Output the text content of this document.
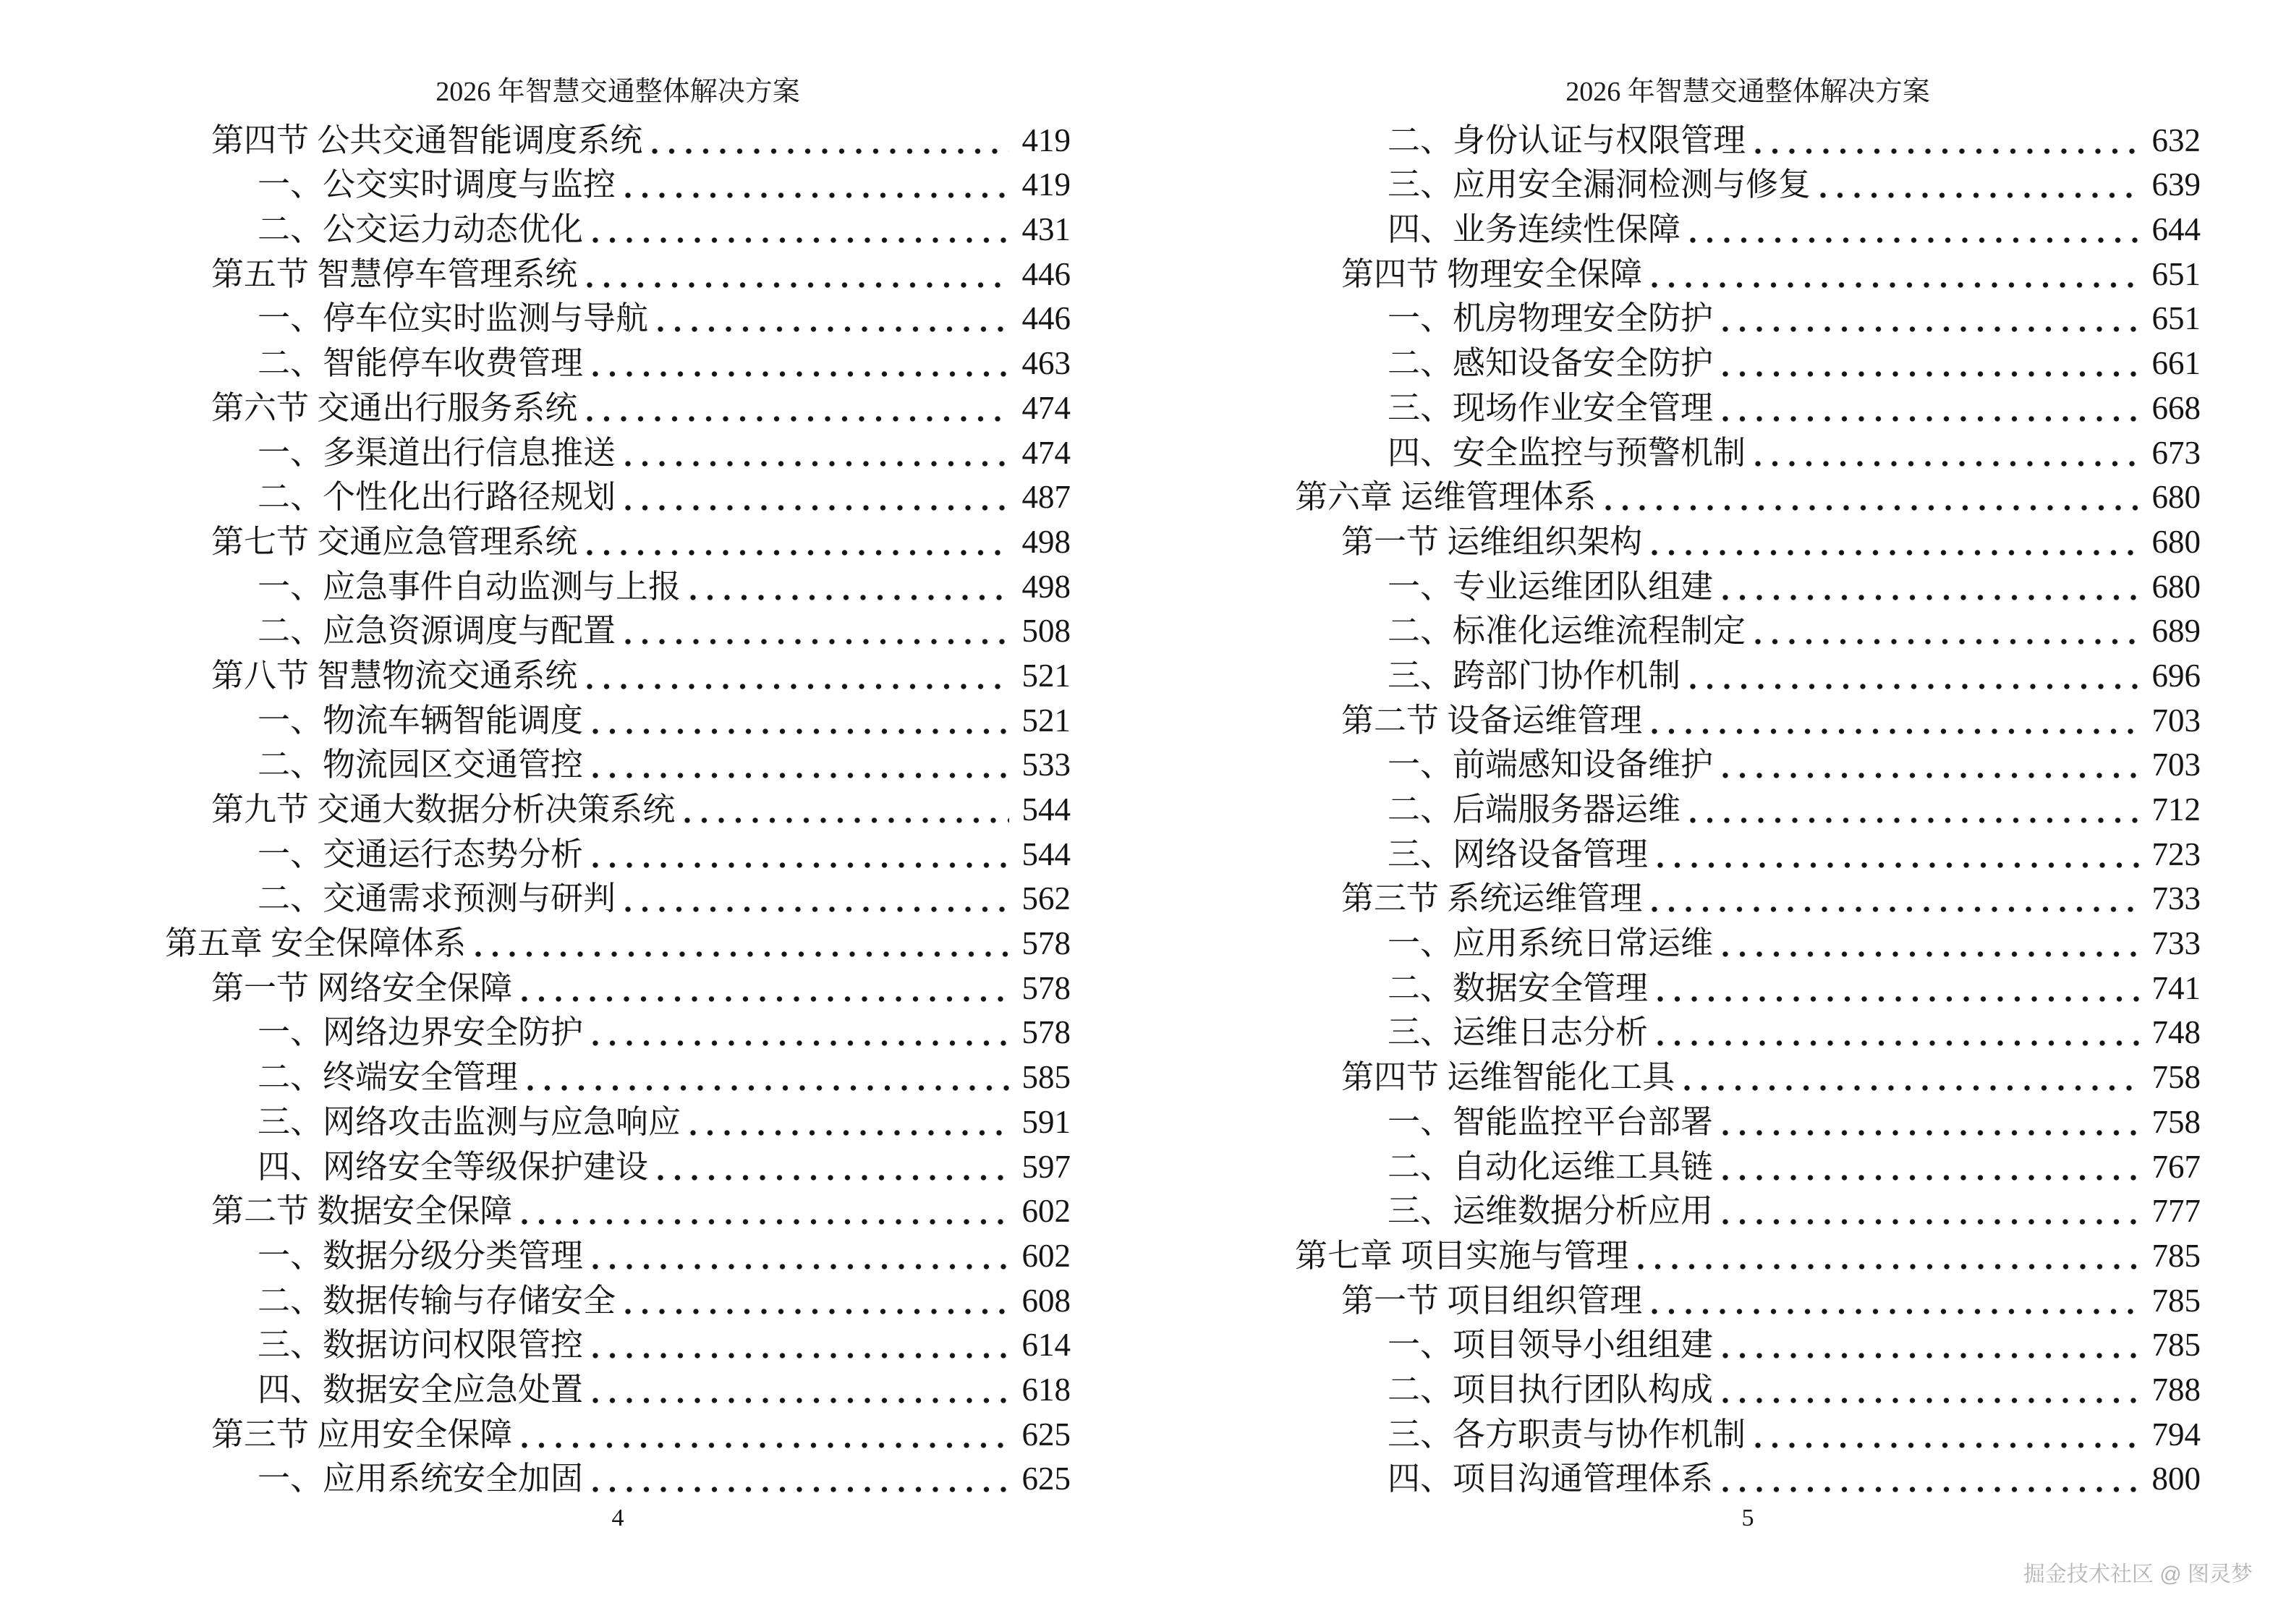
2026 年智慧交通整体解决方案
第四节 公共交通智能调度系统	419
一、公交实时调度与监控	419
二、公交运力动态优化	431
第五节 智慧停车管理系统	446
一、停车位实时监测与导航	446
二、智能停车收费管理	463
第六节 交通出行服务系统	474
一、多渠道出行信息推送	474
二、个性化出行路径规划	487
第七节 交通应急管理系统	498
一、应急事件自动监测与上报	498
二、应急资源调度与配置	508
第八节 智慧物流交通系统	521
一、物流车辆智能调度	521
二、物流园区交通管控	533
第九节 交通大数据分析决策系统	544
一、交通运行态势分析	544
二、交通需求预测与研判	562
第五章 安全保障体系	578
第一节 网络安全保障	578
一、网络边界安全防护	578
二、终端安全管理	585
三、网络攻击监测与应急响应	591
四、网络安全等级保护建设	597
第二节 数据安全保障	602
一、数据分级分类管理	602
二、数据传输与存储安全	608
三、数据访问权限管控	614
四、数据安全应急处置	618
第三节 应用安全保障	625
一、应用系统安全加固	625
4
2026 年智慧交通整体解决方案
二、身份认证与权限管理	632
三、应用安全漏洞检测与修复	639
四、业务连续性保障	644
第四节 物理安全保障	651
一、机房物理安全防护	651
二、感知设备安全防护	661
三、现场作业安全管理	668
四、安全监控与预警机制	673
第六章 运维管理体系	680
第一节 运维组织架构	680
一、专业运维团队组建	680
二、标准化运维流程制定	689
三、跨部门协作机制	696
第二节 设备运维管理	703
一、前端感知设备维护	703
二、后端服务器运维	712
三、网络设备管理	723
第三节 系统运维管理	733
一、应用系统日常运维	733
二、数据安全管理	741
三、运维日志分析	748
第四节 运维智能化工具	758
一、智能监控平台部署	758
二、自动化运维工具链	767
三、运维数据分析应用	777
第七章 项目实施与管理	785
第一节 项目组织管理	785
一、项目领导小组组建	785
二、项目执行团队构成	788
三、各方职责与协作机制	794
四、项目沟通管理体系	800
5
掘金技术社区 @ 图灵梦
